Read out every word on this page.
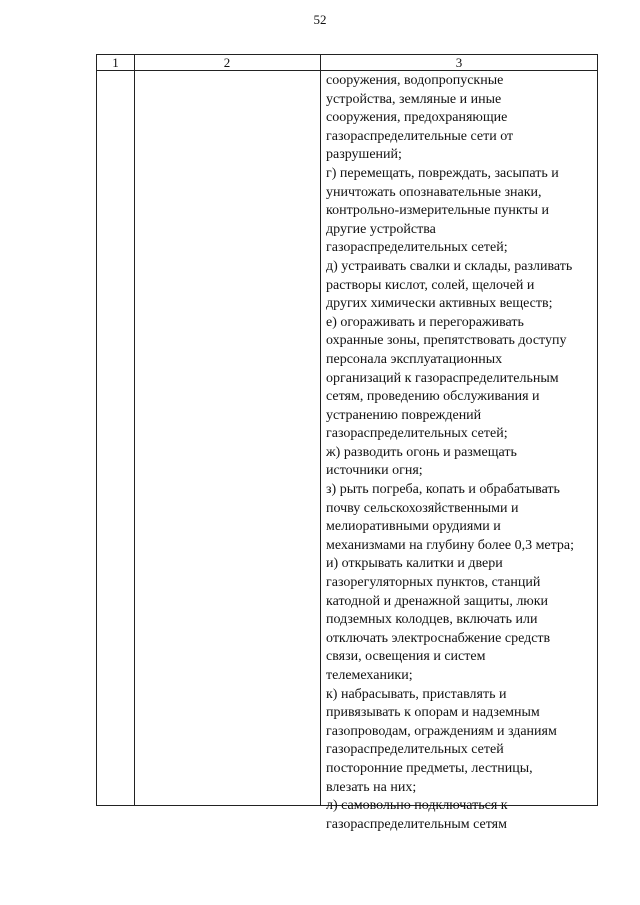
52
1	2	3
сооружения, водопропускные
устройства, земляные и иные
сооружения, предохраняющие
газораспределительные сети от
разрушений;
г) перемещать, повреждать, засыпать и
уничтожать опознавательные знаки,
контрольно-измерительные пункты и
другие устройства
газораспределительных сетей;
д) устраивать свалки и склады, разливать
растворы кислот, солей, щелочей и
других химически активных веществ;
е) огораживать и перегораживать
охранные зоны, препятствовать доступу
персонала эксплуатационных
организаций к газораспределительным
сетям, проведению обслуживания и
устранению повреждений
газораспределительных сетей;
ж) разводить огонь и размещать
источники огня;
з) рыть погреба, копать и обрабатывать
почву сельскохозяйственными и
мелиоративными орудиями и
механизмами на глубину более 0,3 метра;
и) открывать калитки и двери
газорегуляторных пунктов, станций
катодной и дренажной защиты, люки
подземных колодцев, включать или
отключать электроснабжение средств
связи, освещения и систем
телемеханики;
к) набрасывать, приставлять и
привязывать к опорам и надземным
газопроводам, ограждениям и зданиям
газораспределительных сетей
посторонние предметы, лестницы,
влезать на них;
л) самовольно подключаться к
газораспределительным сетям
